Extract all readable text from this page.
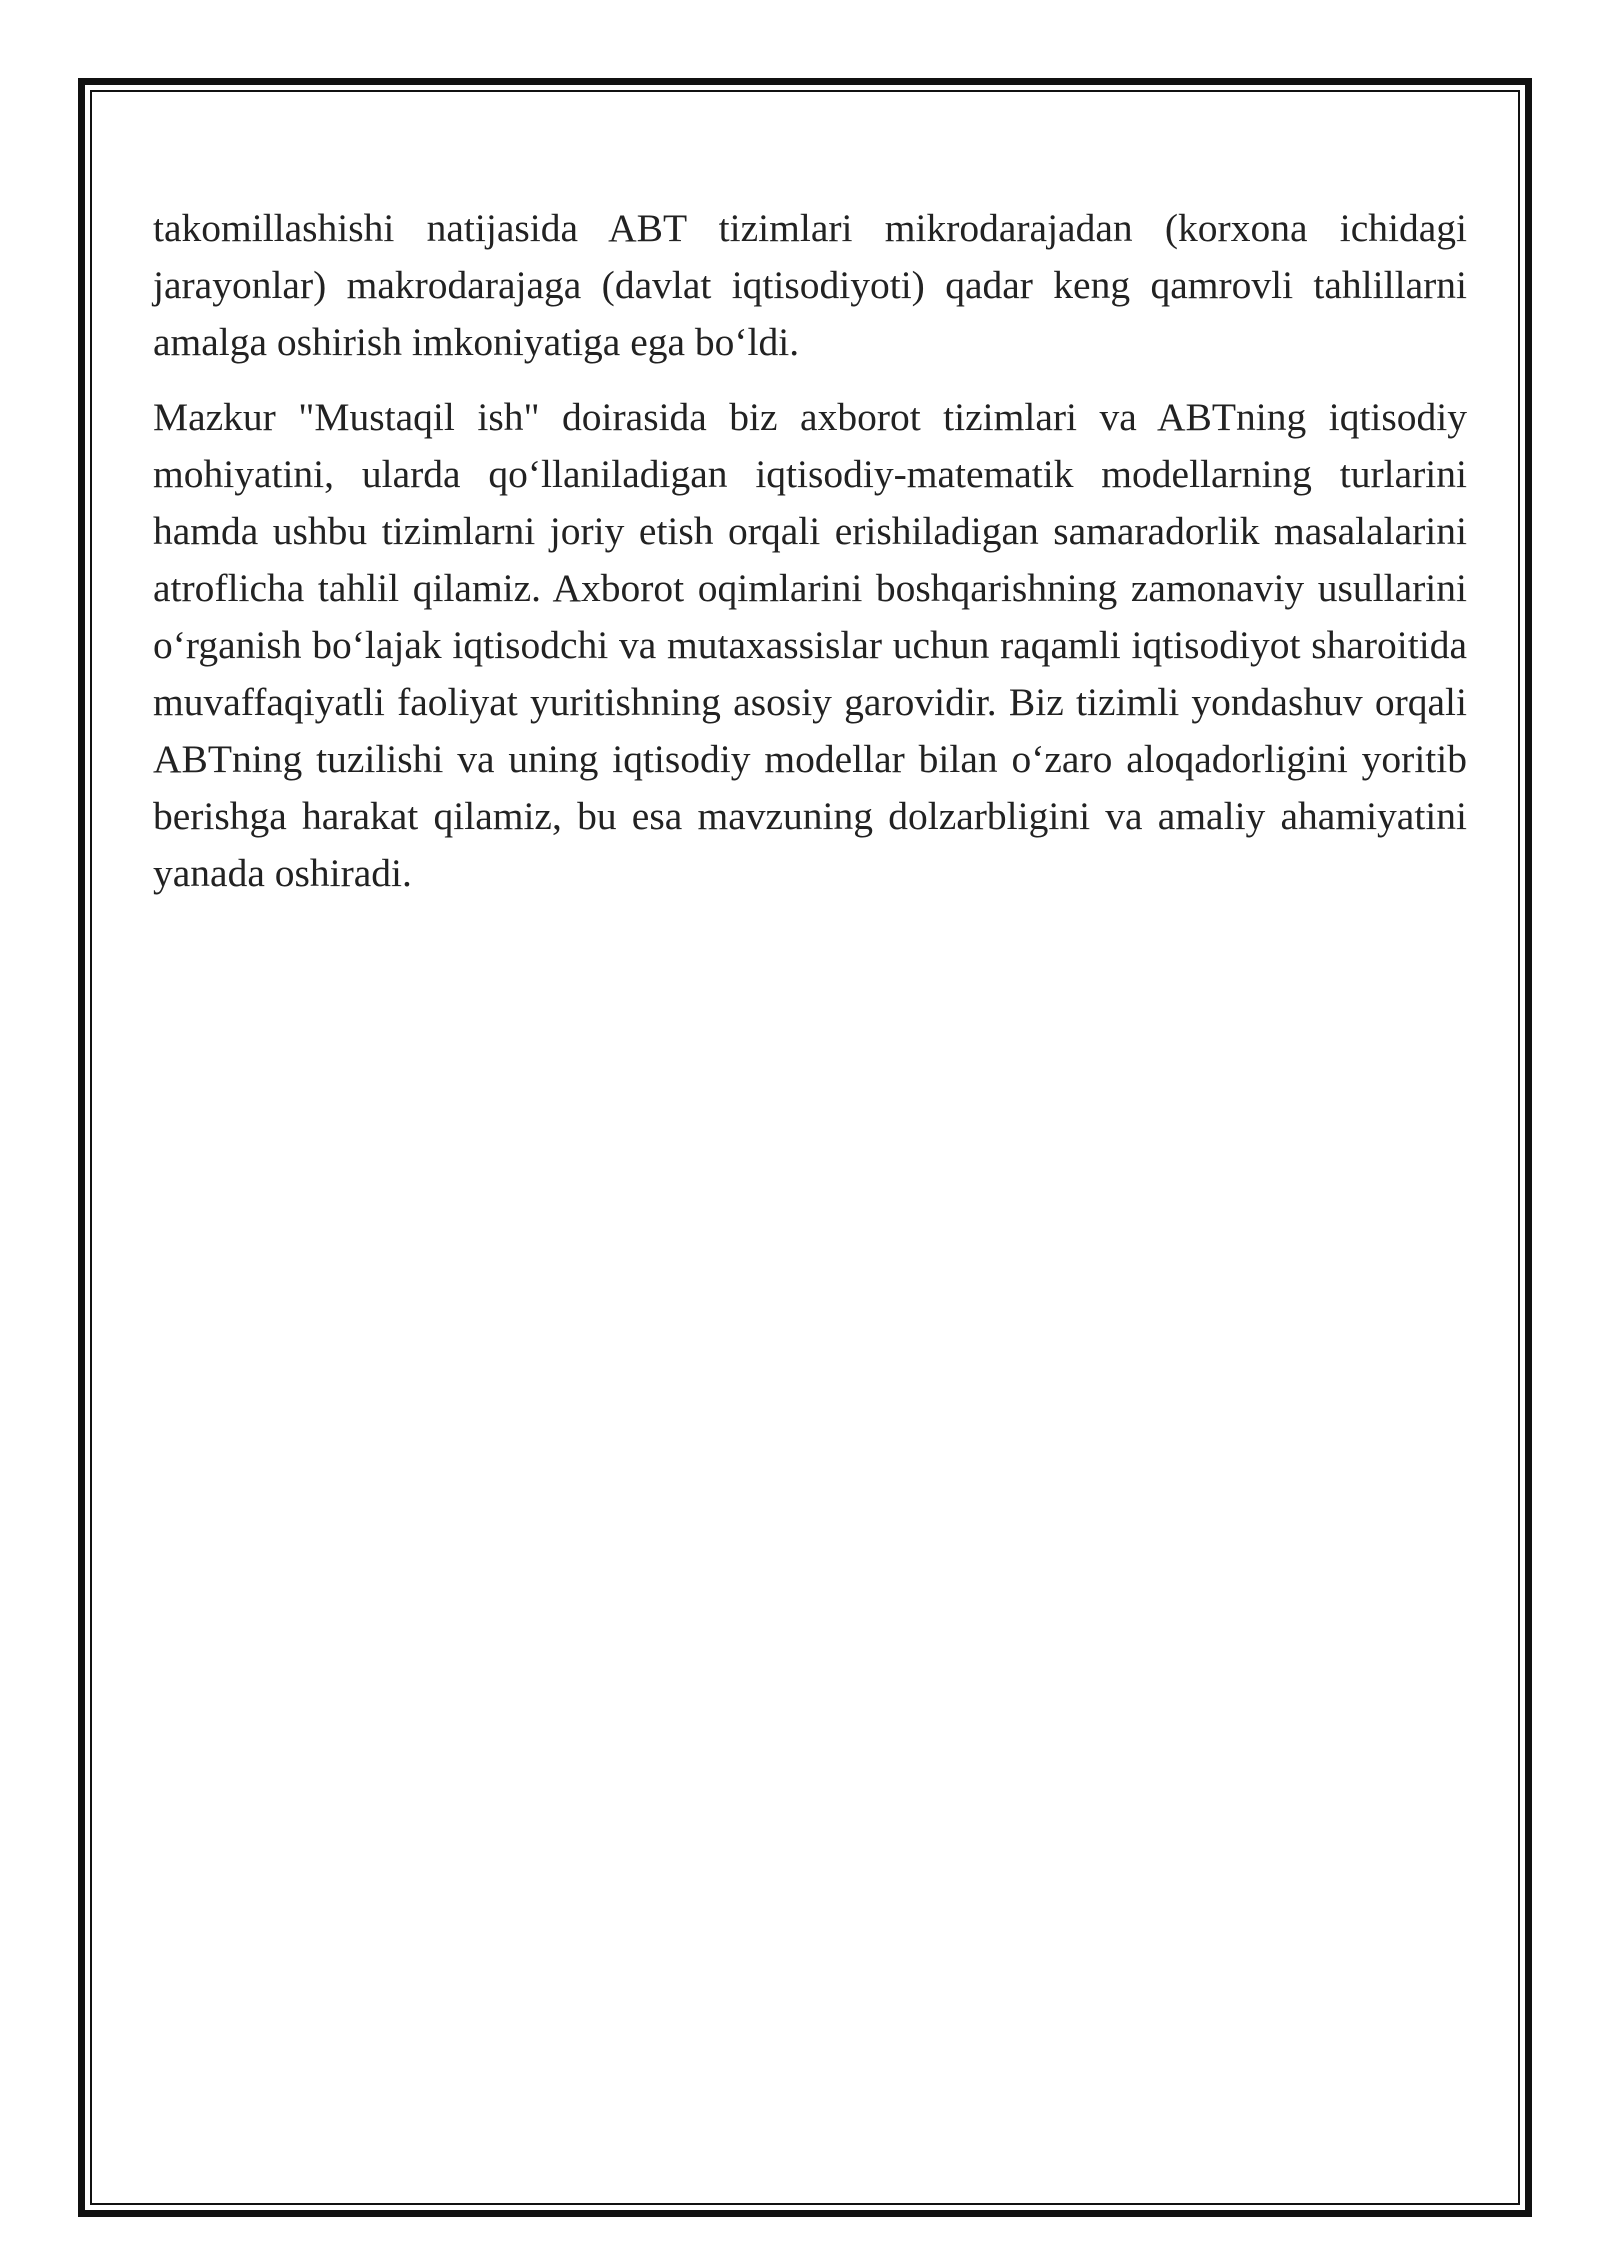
takomillashishi natijasida ABT tizimlari mikrodarajadan (korxona ichidagi jarayonlar) makrodarajaga (davlat iqtisodiyoti) qadar keng qamrovli tahlillarni amalga oshirish imkoniyatiga ega bo‘ldi.

Mazkur "Mustaqil ish" doirasida biz axborot tizimlari va ABTning iqtisodiy mohiyatini, ularda qo‘llaniladigan iqtisodiy-matematik modellarning turlarini hamda ushbu tizimlarni joriy etish orqali erishiladigan samaradorlik masalalarini atroflicha tahlil qilamiz. Axborot oqimlarini boshqarishning zamonaviy usullarini o‘rganish bo‘lajak iqtisodchi va mutaxassislar uchun raqamli iqtisodiyot sharoitida muvaffaqiyatli faoliyat yuritishning asosiy garovidir. Biz tizimli yondashuv orqali ABTning tuzilishi va uning iqtisodiy modellar bilan o‘zaro aloqadorligini yoritib berishga harakat qilamiz, bu esa mavzuning dolzarbligini va amaliy ahamiyatini yanada oshiradi.
